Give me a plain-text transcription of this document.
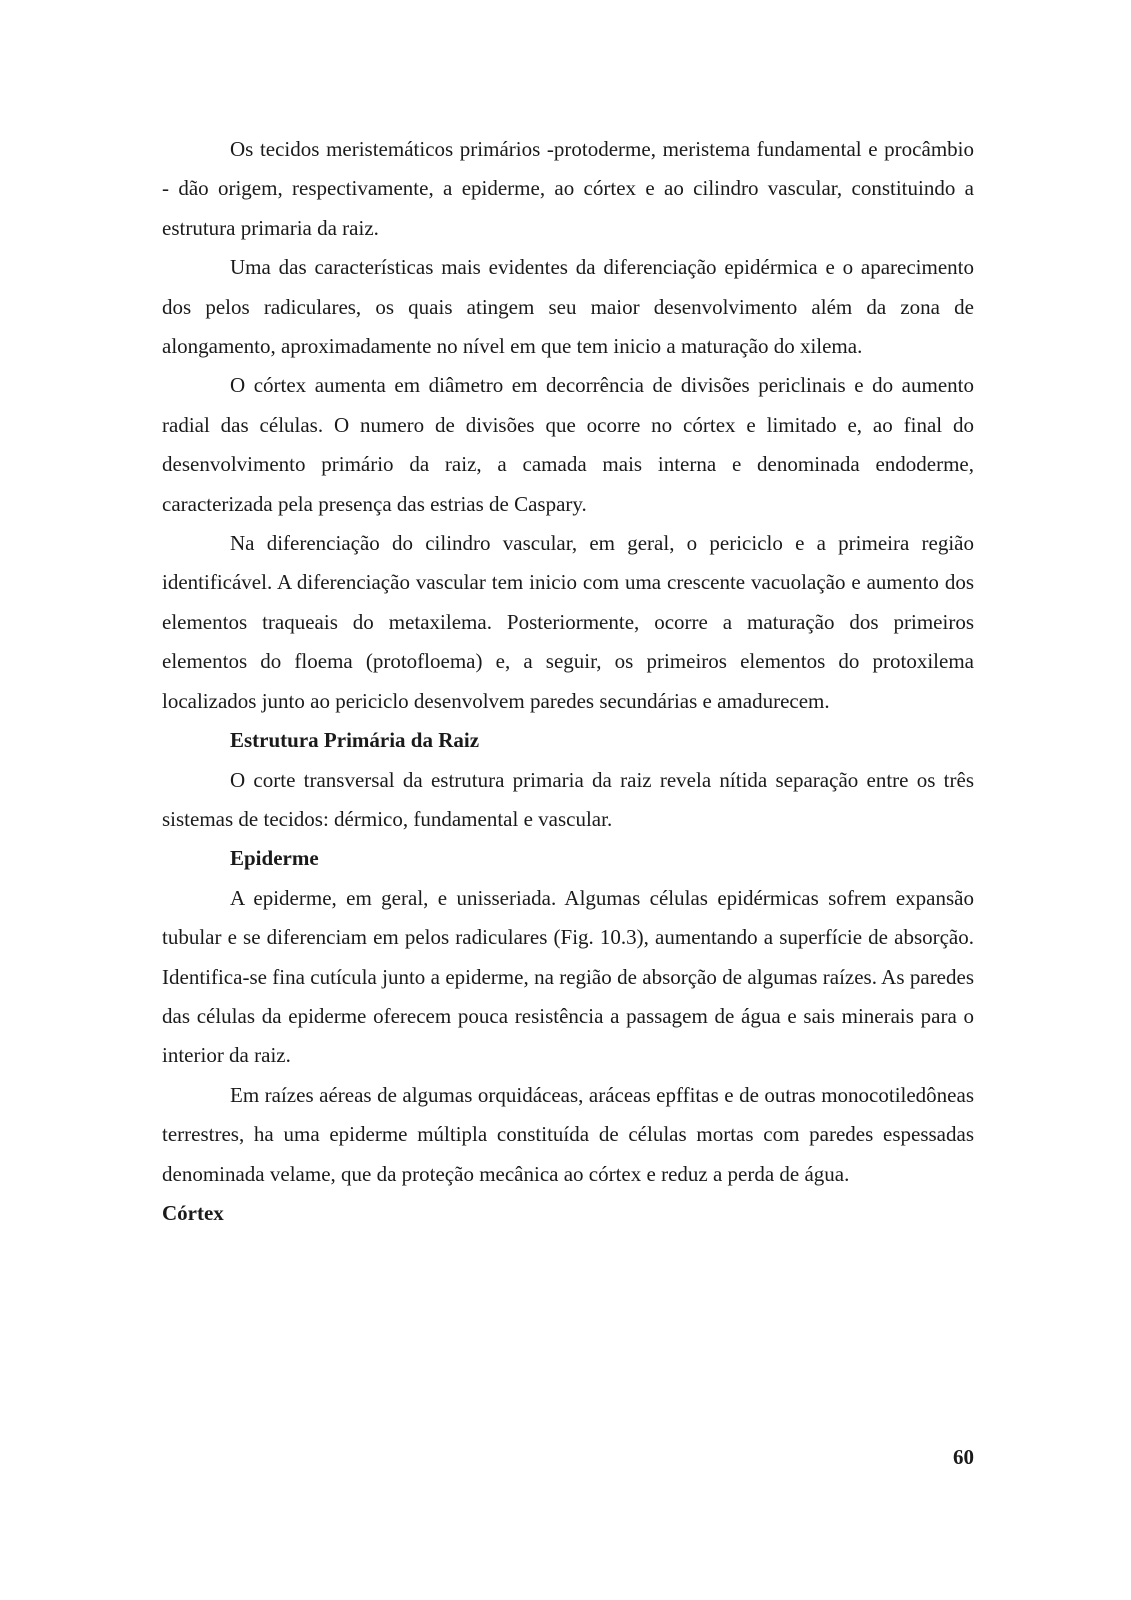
Os tecidos meristemáticos primários -protoderme, meristema fundamental e procâmbio - dão origem, respectivamente, a epiderme, ao córtex e ao cilindro vascular, constituindo a estrutura primaria da raiz.

Uma das características mais evidentes da diferenciação epidérmica e o aparecimento dos pelos radiculares, os quais atingem seu maior desenvolvimento além da zona de alongamento, aproximadamente no nível em que tem inicio a maturação do xilema.

O córtex aumenta em diâmetro em decorrência de divisões periclinais e do aumento radial das células. O numero de divisões que ocorre no córtex e limitado e, ao final do desenvolvimento primário da raiz, a camada mais interna e denominada endoderme, caracterizada pela presença das estrias de Caspary.

Na diferenciação do cilindro vascular, em geral, o periciclo e a primeira região identificável. A diferenciação vascular tem inicio com uma crescente vacuolação e aumento dos elementos traqueais do metaxilema. Posteriormente, ocorre a maturação dos primeiros elementos do floema (protofloema) e, a seguir, os primeiros elementos do protoxilema localizados junto ao periciclo desenvolvem paredes secundárias e amadurecem.

Estrutura Primária da Raiz

O corte transversal da estrutura primaria da raiz revela nítida separação entre os três sistemas de tecidos: dérmico, fundamental e vascular.

Epiderme

A epiderme, em geral, e unisseriada. Algumas células epidérmicas sofrem expansão tubular e se diferenciam em pelos radiculares (Fig. 10.3), aumentando a superfície de absorção. Identifica-se fina cutícula junto a epiderme, na região de absorção de algumas raízes. As paredes das células da epiderme oferecem pouca resistência a passagem de água e sais minerais para o interior da raiz.

Em raízes aéreas de algumas orquidáceas, aráceas epffitas e de outras monocotiledôneas terrestres, ha uma epiderme múltipla constituída de células mortas com paredes espessadas denominada velame, que da proteção mecânica ao córtex e reduz a perda de água.

Córtex

60
